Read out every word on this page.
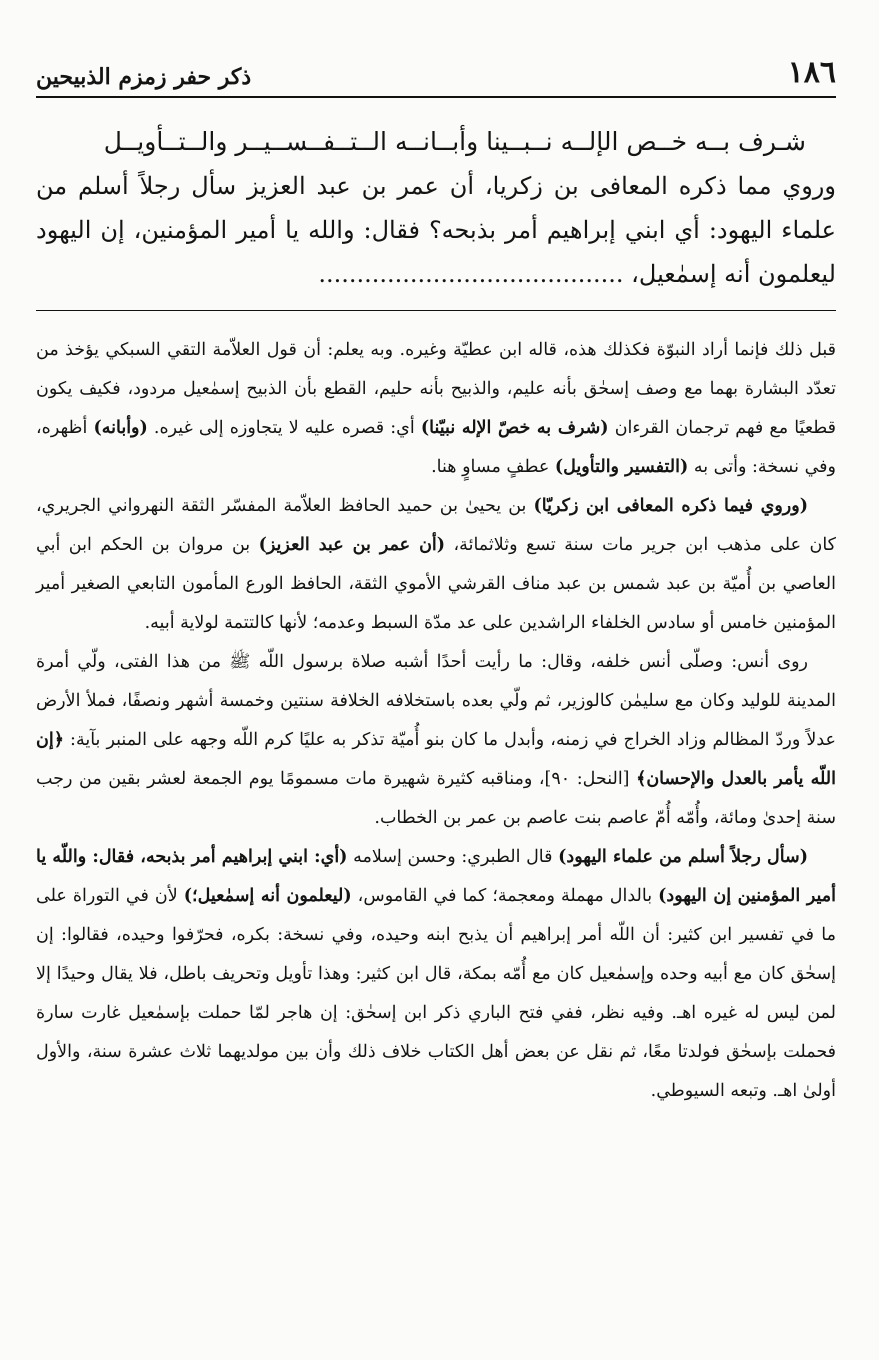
١٨٦
ذكر حفر زمزم الذبيحين
شـرف بــه خــص الإلــه نــبــينا وأبــانــه الــتــفــســيــر والــتــأويــل

وروي مما ذكره المعافى بن زكريا، أن عمر بن عبد العزيز سأل رجلاً أسلم من علماء اليهود: أي ابني إبراهيم أمر بذبحه؟ فقال: والله يا أمير المؤمنين، إن اليهود ليعلمون أنه إسمٰعيل، ........................................

قبل ذلك فإنما أراد النبوّة فكذلك هذه، قاله ابن عطيّة وغيره. وبه يعلم: أن قول العلاّمة التقي السبكي يؤخذ من تعدّد البشارة بهما مع وصف إسحٰق بأنه عليم، والذبيح بأنه حليم، القطع بأن الذبيح إسمٰعيل مردود، فكيف يكون قطعيًا مع فهم ترجمان القرءان (شرف به خصّ الإله نبيّنا) أي: قصره عليه لا يتجاوزه إلى غيره. (وأبانه) أظهره، وفي نسخة: وأتى به (التفسير والتأويل) عطفٍ مساوٍ هنا.

(وروي فيما ذكره المعافى ابن زكريّا) بن يحيىٰ بن حميد الحافظ العلاّمة المفسّر الثقة النهرواني الجريري، كان على مذهب ابن جرير مات سنة تسع وثلاثمائة، (أن عمر بن عبد العزيز) بن مروان بن الحكم ابن أبي العاصي بن أُميّة بن عبد شمس بن عبد مناف القرشي الأموي الثقة، الحافظ الورع المأمون التابعي الصغير أمير المؤمنين خامس أو سادس الخلفاء الراشدين على عد مدّة السبط وعدمه؛ لأنها كالتتمة لولاية أبيه.

روى أنس: وصلّى أنس خلفه، وقال: ما رأيت أحدًا أشبه صلاة برسول اللّه ﷺ من هذا الفتى، ولّي أمرة المدينة للوليد وكان مع سليمٰن كالوزير، ثم ولّي بعده باستخلافه الخلافة سنتين وخمسة أشهر ونصفًا، فملأ الأرض عدلاً وردّ المظالم وزاد الخراج في زمنه، وأبدل ما كان بنو أُميّة تذكر به عليًا كرم اللّه وجهه على المنبر بآية: ﴿إن اللّه يأمر بالعدل والإحسان﴾ [النحل: ٩٠]، ومناقبه كثيرة شهيرة مات مسمومًا يوم الجمعة لعشر بقين من رجب سنة إحدىٰ ومائة، وأُمّه أُمّ عاصم بنت عاصم بن عمر بن الخطاب.

(سأل رجلاً أسلم من علماء اليهود) قال الطبري: وحسن إسلامه (أي: ابني إبراهيم أمر بذبحه، فقال: واللّه يا أمير المؤمنين إن اليهود) بالدال مهملة ومعجمة؛ كما في القاموس، (ليعلمون أنه إسمٰعيل؛) لأن في التوراة على ما في تفسير ابن كثير: أن اللّه أمر إبراهيم أن يذبح ابنه وحيده، وفي نسخة: بكره، فحرّفوا وحيده، فقالوا: إن إسحٰق كان مع أبيه وحده وإسمٰعيل كان مع أُمّه بمكة، قال ابن كثير: وهذا تأويل وتحريف باطل، فلا يقال وحيدًا إلا لمن ليس له غيره اهـ. وفيه نظر، ففي فتح الباري ذكر ابن إسحٰق: إن هاجر لمّا حملت بإسمٰعيل غارت سارة فحملت بإسحٰق فولدتا معًا، ثم نقل عن بعض أهل الكتاب خلاف ذلك وأن بين مولديهما ثلاث عشرة سنة، والأول أولىٰ اهـ. وتبعه السيوطي.
